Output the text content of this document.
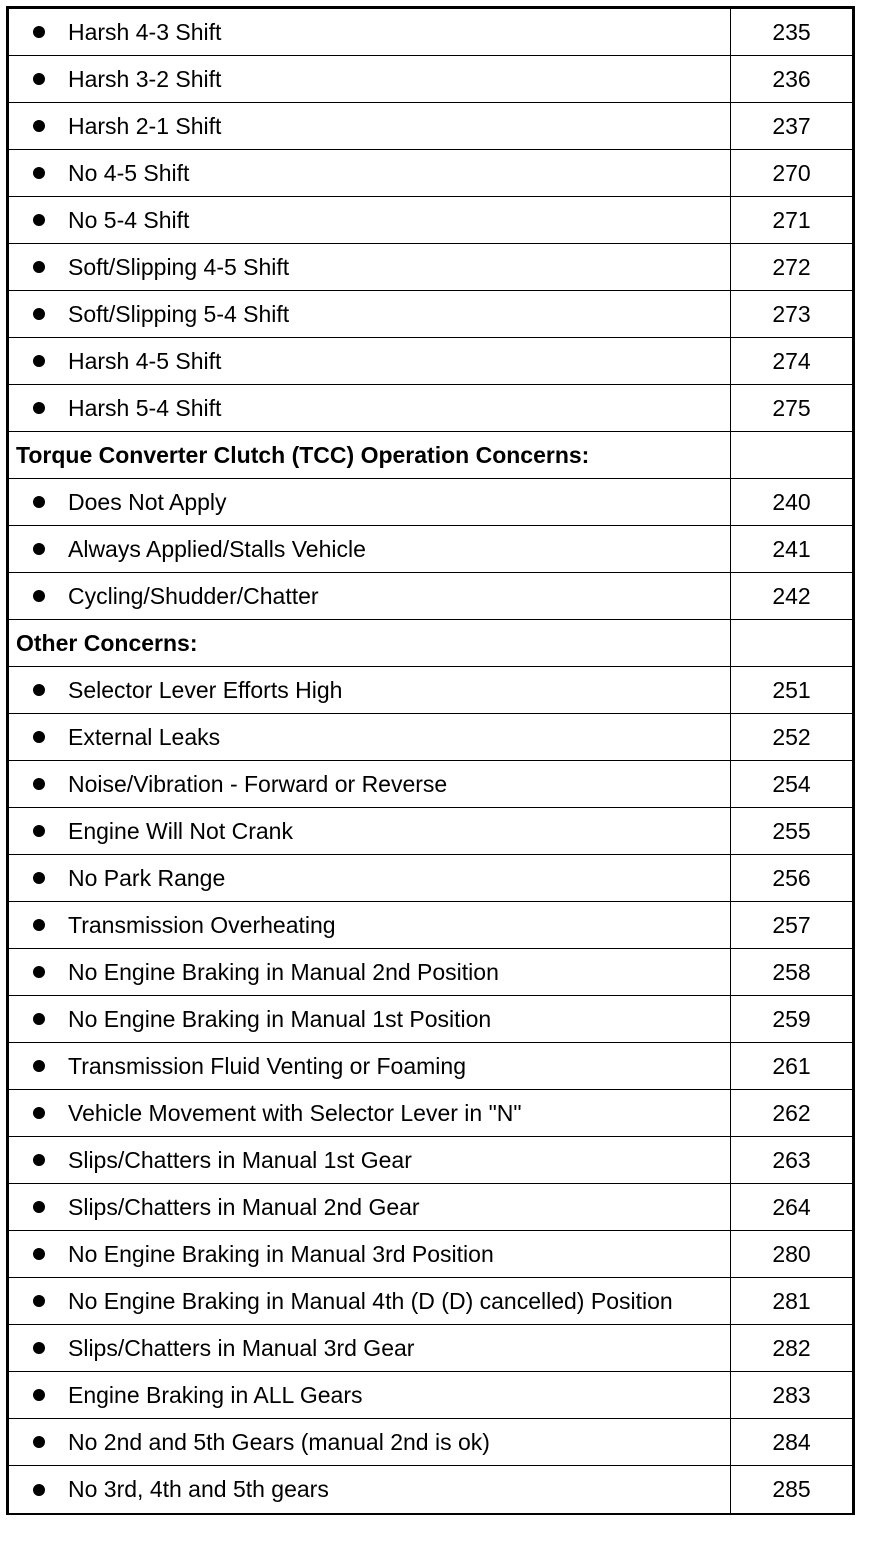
Harsh 4-3 Shift	235
Harsh 3-2 Shift	236
Harsh 2-1 Shift	237
No 4-5 Shift	270
No 5-4 Shift	271
Soft/Slipping 4-5 Shift	272
Soft/Slipping 5-4 Shift	273
Harsh 4-5 Shift	274
Harsh 5-4 Shift	275
Torque Converter Clutch (TCC) Operation Concerns:
Does Not Apply	240
Always Applied/Stalls Vehicle	241
Cycling/Shudder/Chatter	242
Other Concerns:
Selector Lever Efforts High	251
External Leaks	252
Noise/Vibration - Forward or Reverse	254
Engine Will Not Crank	255
No Park Range	256
Transmission Overheating	257
No Engine Braking in Manual 2nd Position	258
No Engine Braking in Manual 1st Position	259
Transmission Fluid Venting or Foaming	261
Vehicle Movement with Selector Lever in "N"	262
Slips/Chatters in Manual 1st Gear	263
Slips/Chatters in Manual 2nd Gear	264
No Engine Braking in Manual 3rd Position	280
No Engine Braking in Manual 4th (D (D) cancelled) Position	281
Slips/Chatters in Manual 3rd Gear	282
Engine Braking in ALL Gears	283
No 2nd and 5th Gears (manual 2nd is ok)	284
No 3rd, 4th and 5th gears	285
